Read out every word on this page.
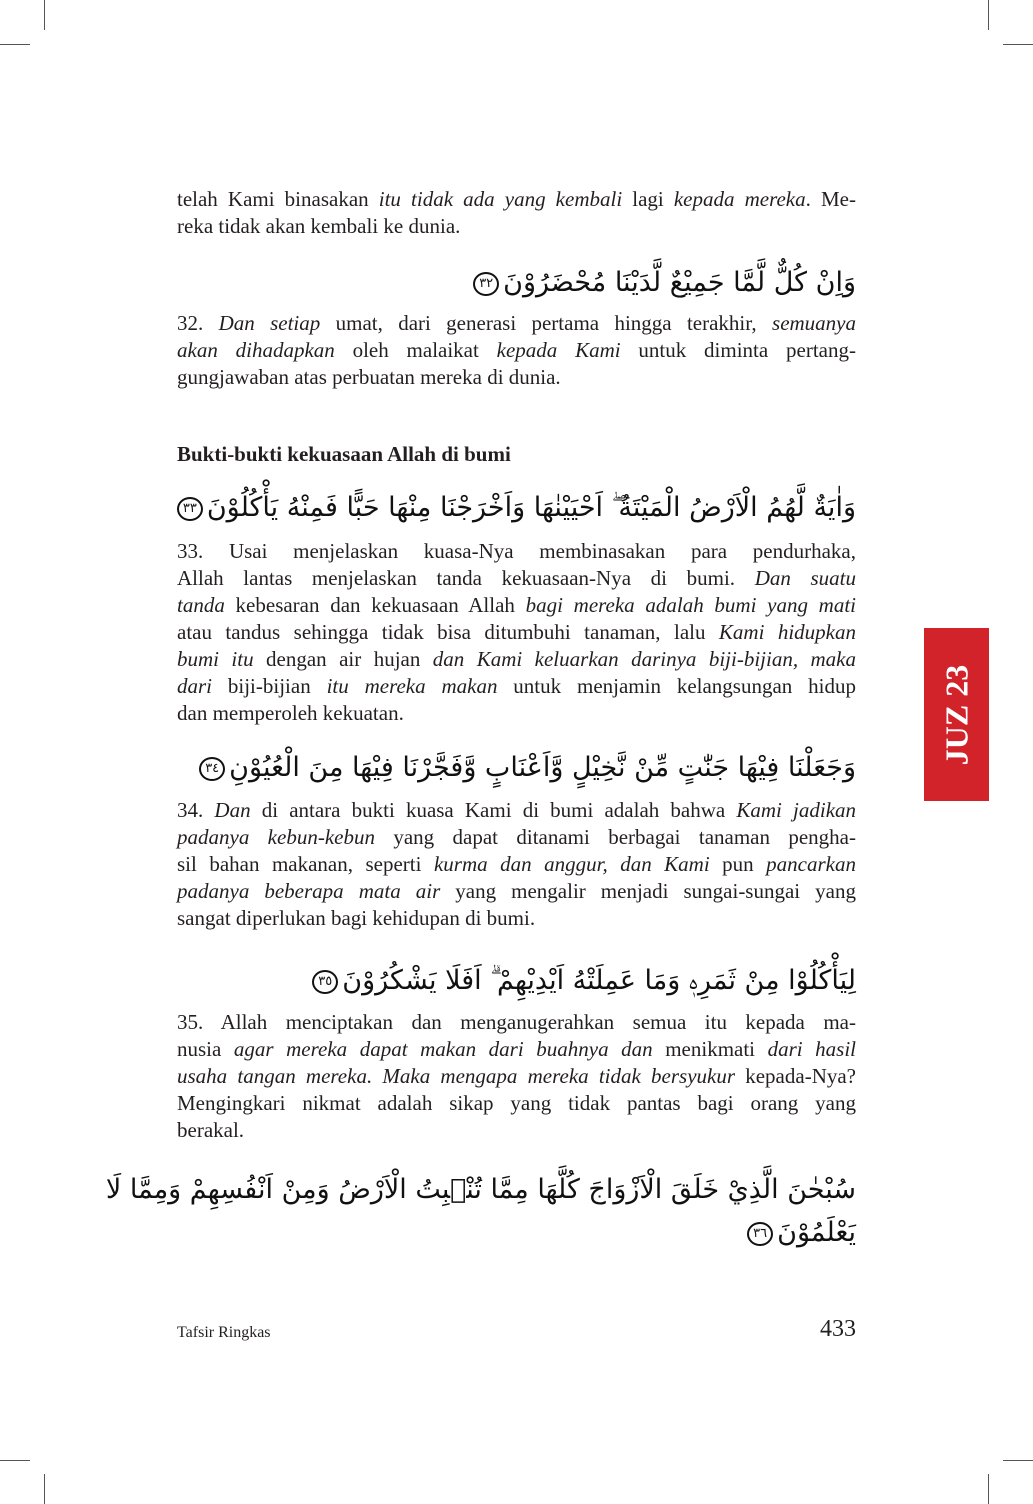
telah Kami binasakan itu tidak ada yang kembali lagi kepada mereka. Me-
reka tidak akan kembali ke dunia.
32. Dan setiap umat, dari generasi pertama hingga terakhir, semuanya
akan dihadapkan oleh malaikat kepada Kami untuk diminta pertang-
gungjawaban atas perbuatan mereka di dunia.
33. Usai menjelaskan kuasa-Nya membinasakan para pendurhaka,
Allah lantas menjelaskan tanda kekuasaan-Nya di bumi. Dan suatu
tanda kebesaran dan kekuasaan Allah bagi mereka adalah bumi yang mati
atau tandus sehingga tidak bisa ditumbuhi tanaman, lalu Kami hidupkan
bumi itu dengan air hujan dan Kami keluarkan darinya biji-bijian, maka
dari biji-bijian itu mereka makan untuk menjamin kelangsungan hidup
dan memperoleh kekuatan.
34. Dan di antara bukti kuasa Kami di bumi adalah bahwa Kami jadikan
padanya kebun-kebun yang dapat ditanami berbagai tanaman pengha-
sil bahan makanan, seperti kurma dan anggur, dan Kami pun pancarkan
padanya beberapa mata air yang mengalir menjadi sungai-sungai yang
sangat diperlukan bagi kehidupan di bumi.
35. Allah menciptakan dan menganugerahkan semua itu kepada ma-
nusia agar mereka dapat makan dari buahnya dan menikmati dari hasil
usaha tangan mereka. Maka mengapa mereka tidak bersyukur kepada-Nya?
Mengingkari nikmat adalah sikap yang tidak pantas bagi orang yang
berakal.
وَاِنْ كُلٌّ لَّمَّا جَمِيْعٌ لَّدَيْنَا مُحْضَرُوْنَ٣٢
وَاٰيَةٌ لَّهُمُ الْاَرْضُ الْمَيْتَةُ ۖ اَحْيَيْنٰهَا وَاَخْرَجْنَا مِنْهَا حَبًّا فَمِنْهُ يَأْكُلُوْنَ٣٣
وَجَعَلْنَا فِيْهَا جَنّٰتٍ مِّنْ نَّخِيْلٍ وَّاَعْنَابٍ وَّفَجَّرْنَا فِيْهَا مِنَ الْعُيُوْنِ٣٤
لِيَأْكُلُوْا مِنْ ثَمَرِهٖ وَمَا عَمِلَتْهُ اَيْدِيْهِمْ ۗ اَفَلَا يَشْكُرُوْنَ٣٥
سُبْحٰنَ الَّذِيْ خَلَقَ الْاَزْوَاجَ كُلَّهَا مِمَّا تُنْۢبِتُ الْاَرْضُ وَمِنْ اَنْفُسِهِمْ وَمِمَّا لَا
يَعْلَمُوْنَ٣٦
Bukti-bukti kekuasaan Allah di bumi
Tafsir Ringkas	433
JUZ 23
